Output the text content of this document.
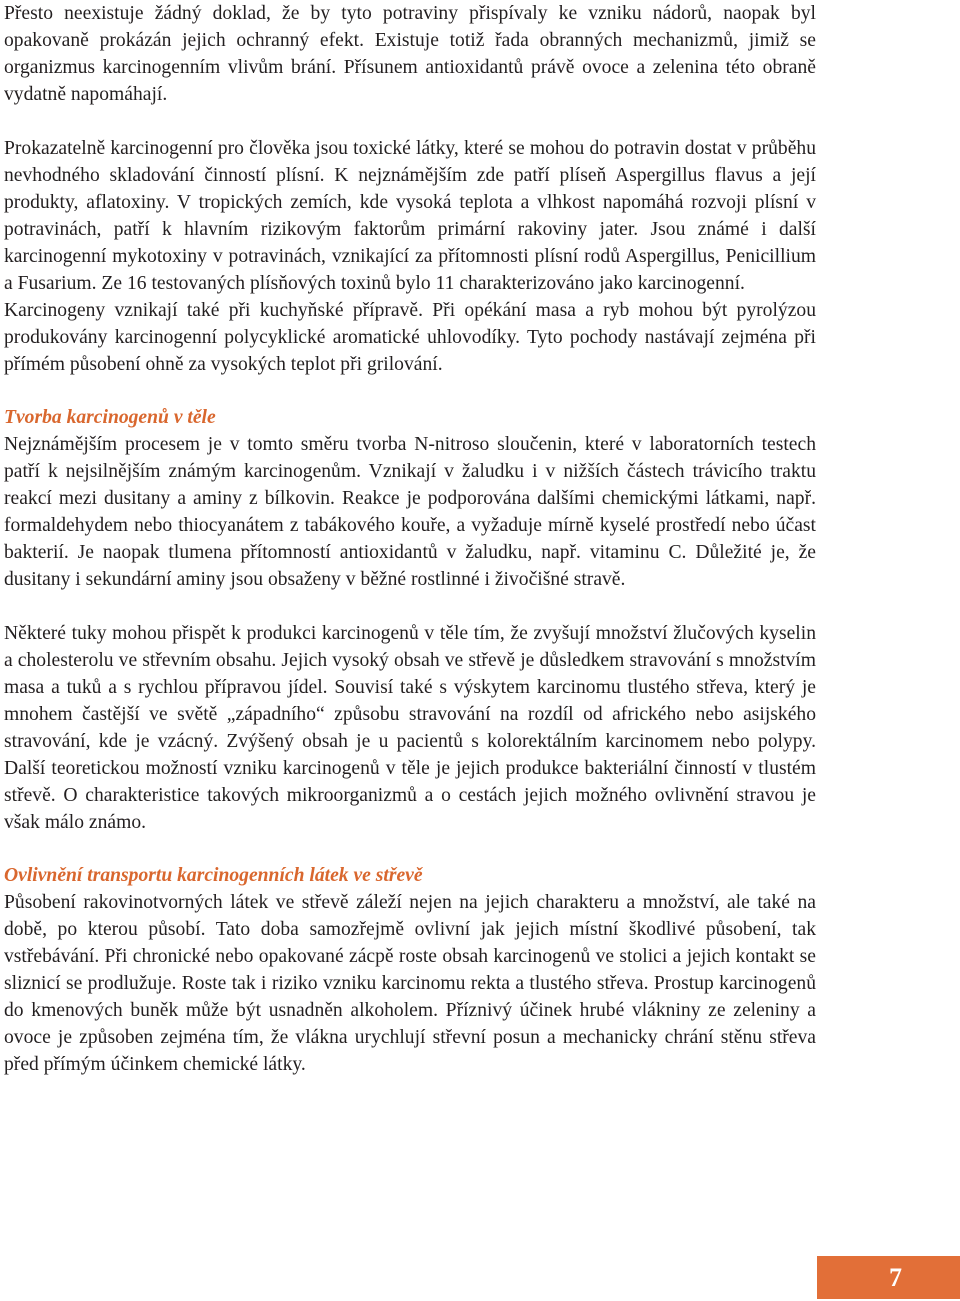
Přesto neexistuje žádný doklad, že by tyto potraviny přispívaly ke vzniku nádorů, naopak byl opakovaně prokázán jejich ochranný efekt. Existuje totiž řada obranných mechanizmů, jimiž se organizmus karcinogenním vlivům brání. Přísunem antioxidantů právě ovoce a zelenina této obraně vydatně napomáhají.

Prokazatelně karcinogenní pro člověka jsou toxické látky, které se mohou do potravin dostat v průběhu nevhodného skladování činností plísní. K nejznámějším zde patří plíseň Aspergillus flavus a její produkty, aflatoxiny. V tropických zemích, kde vysoká teplota a vlhkost napomáhá rozvoji plísní v potravinách, patří k hlavním rizikovým faktorům primární rakoviny jater. Jsou známé i další karcinogenní mykotoxiny v potravinách, vznikající za přítomnosti plísní rodů Aspergillus, Penicillium a Fusarium. Ze 16 testovaných plísňových toxinů bylo 11 charakterizováno jako karcinogenní.

Karcinogeny vznikají také při kuchyňské přípravě. Při opékání masa a ryb mohou být pyrolýzou produkovány karcinogenní polycyklické aromatické uhlovodíky. Tyto pochody nastávají zejména při přímém působení ohně za vysokých teplot při grilování.

Tvorba karcinogenů v těle

Nejznámějším procesem je v tomto směru tvorba N-nitroso sloučenin, které v laboratorních testech patří k nejsilnějším známým karcinogenům. Vznikají v žaludku i v nižších částech trávicího traktu reakcí mezi dusitany a aminy z bílkovin. Reakce je podporována dalšími chemickými látkami, např. formaldehydem nebo thiocyanátem z tabákového kouře, a vyžaduje mírně kyselé prostředí nebo účast bakterií. Je naopak tlumena přítomností antioxidantů v žaludku, např. vitaminu C. Důležité je, že dusitany i sekundární aminy jsou obsaženy v běžné rostlinné i živočišné stravě.

Některé tuky mohou přispět k produkci karcinogenů v těle tím, že zvyšují množství žlučových kyselin a cholesterolu ve střevním obsahu. Jejich vysoký obsah ve střevě je důsledkem stravování s množstvím masa a tuků a s rychlou přípravou jídel. Souvisí také s výskytem karcinomu tlustého střeva, který je mnohem častější ve světě „západního“ způsobu stravování na rozdíl od afrického nebo asijského stravování, kde je vzácný. Zvýšený obsah je u pacientů s kolorektálním karcinomem nebo polypy. Další teoretickou možností vzniku karcinogenů v těle je jejich produkce bakteriální činností v tlustém střevě. O charakteristice takových mikroorganizmů a o cestách jejich možného ovlivnění stravou je však málo známo.

Ovlivnění transportu karcinogenních látek ve střevě

Působení rakovinotvorných látek ve střevě záleží nejen na jejich charakteru a množství, ale také na době, po kterou působí. Tato doba samozřejmě ovlivní jak jejich místní škodlivé působení, tak vstřebávání. Při chronické nebo opakované zácpě roste obsah karcinogenů ve stolici a jejich kontakt se sliznicí se prodlužuje. Roste tak i riziko vzniku karcinomu rekta a tlustého střeva. Prostup karcinogenů do kmenových buněk může být usnadněn alkoholem. Příznivý účinek hrubé vlákniny ze zeleniny a ovoce je způsoben zejména tím, že vlákna urychlují střevní posun a mechanicky chrání stěnu střeva před přímým účinkem chemické látky.

7
